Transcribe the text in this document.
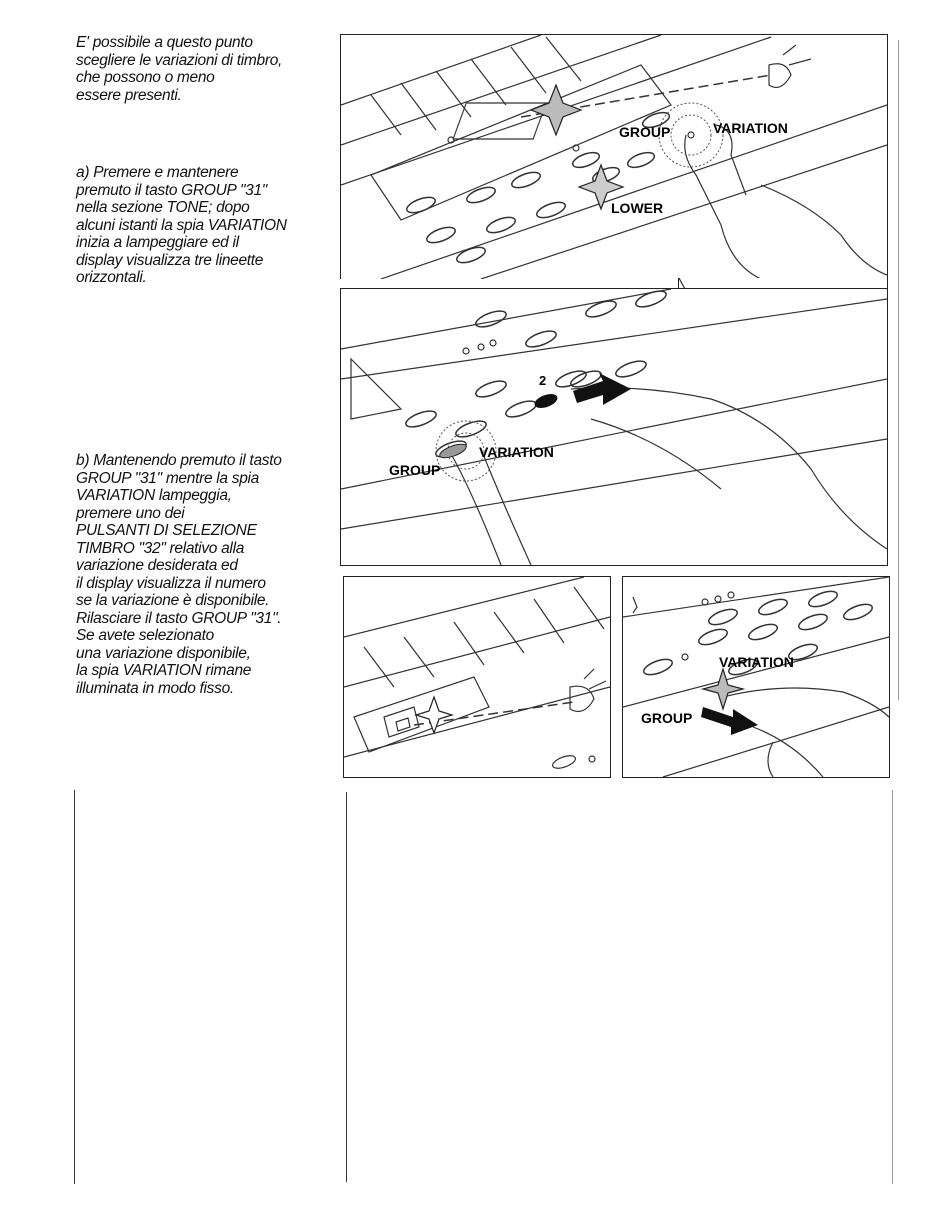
E' possibile a questo punto
scegliere le variazioni di timbro,
che possono o meno
essere presenti.

a) Premere e mantenere
premuto il tasto GROUP "31"
nella sezione TONE; dopo
alcuni istanti la spia VARIATION
inizia a lampeggiare ed il
display visualizza tre lineette
orizzontali.

b) Mantenendo premuto il tasto
GROUP "31" mentre la spia
VARIATION lampeggia,
premere uno dei
PULSANTI DI SELEZIONE
TIMBRO "32" relativo alla
variazione desiderata ed
il display visualizza il numero
se la variazione è disponibile.
Rilasciare il tasto GROUP "31".
Se avete selezionato
una variazione disponibile,
la spia VARIATION rimane
illuminata in modo fisso.

GROUP	VARIATION
LOWER
2
VARIATION
GROUP
VARIATION
GROUP
